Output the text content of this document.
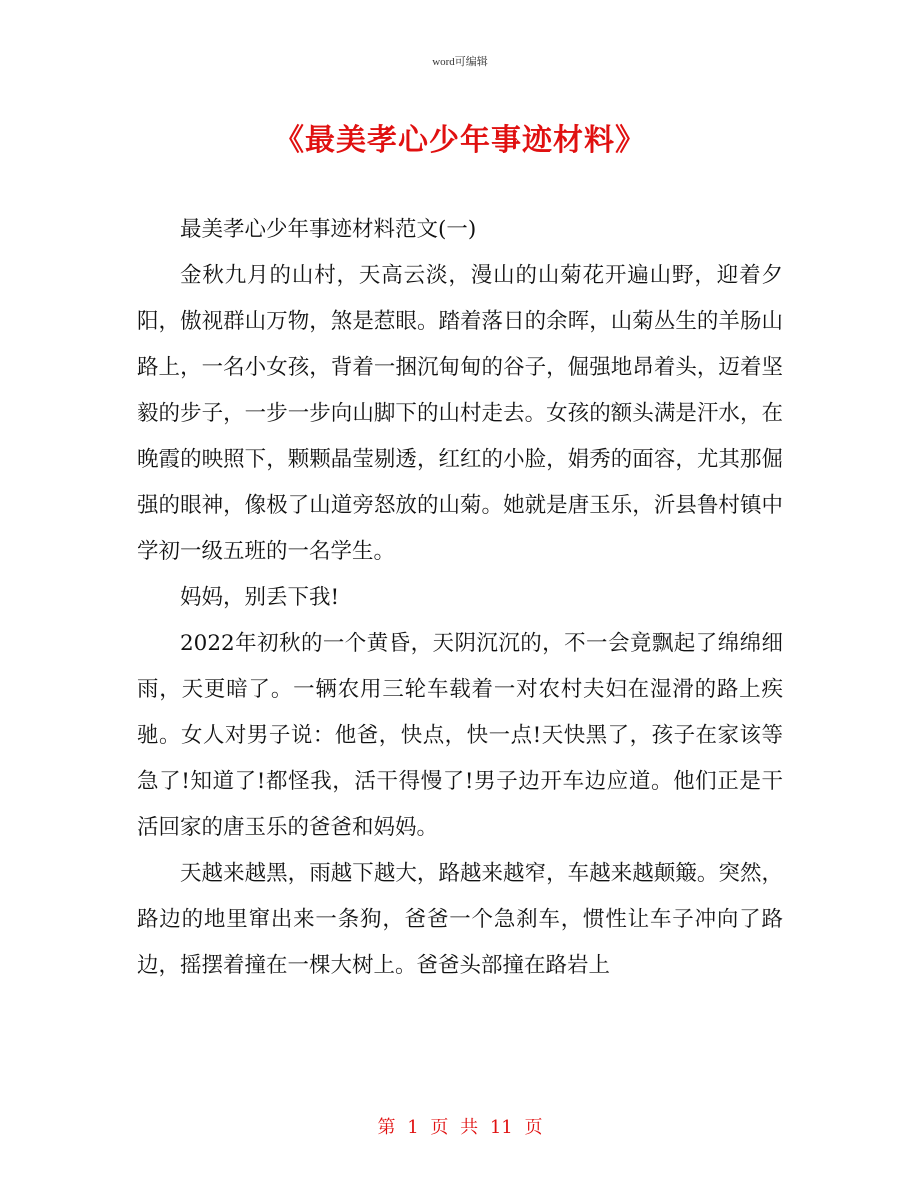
word可编辑
《最美孝心少年事迹材料》

最美孝心少年事迹材料范文(一)

金秋九月的山村，天高云淡，漫山的山菊花开遍山野，迎着夕阳，傲视群山万物，煞是惹眼。踏着落日的余晖，山菊丛生的羊肠山路上，一名小女孩，背着一捆沉甸甸的谷子，倔强地昂着头，迈着坚毅的步子，一步一步向山脚下的山村走去。女孩的额头满是汗水，在晚霞的映照下，颗颗晶莹剔透，红红的小脸，娟秀的面容，尤其那倔强的眼神，像极了山道旁怒放的山菊。她就是唐玉乐，沂县鲁村镇中学初一级五班的一名学生。

妈妈，别丢下我!

2022年初秋的一个黄昏，天阴沉沉的，不一会竟飘起了绵绵细雨，天更暗了。一辆农用三轮车载着一对农村夫妇在湿滑的路上疾驰。女人对男子说：他爸，快点，快一点!天快黑了，孩子在家该等急了!知道了!都怪我，活干得慢了!男子边开车边应道。他们正是干活回家的唐玉乐的爸爸和妈妈。

天越来越黑，雨越下越大，路越来越窄，车越来越颠簸。突然，路边的地里窜出来一条狗，爸爸一个急刹车，惯性让车子冲向了路边，摇摆着撞在一棵大树上。爸爸头部撞在路岩上

第 1 页 共 11 页
